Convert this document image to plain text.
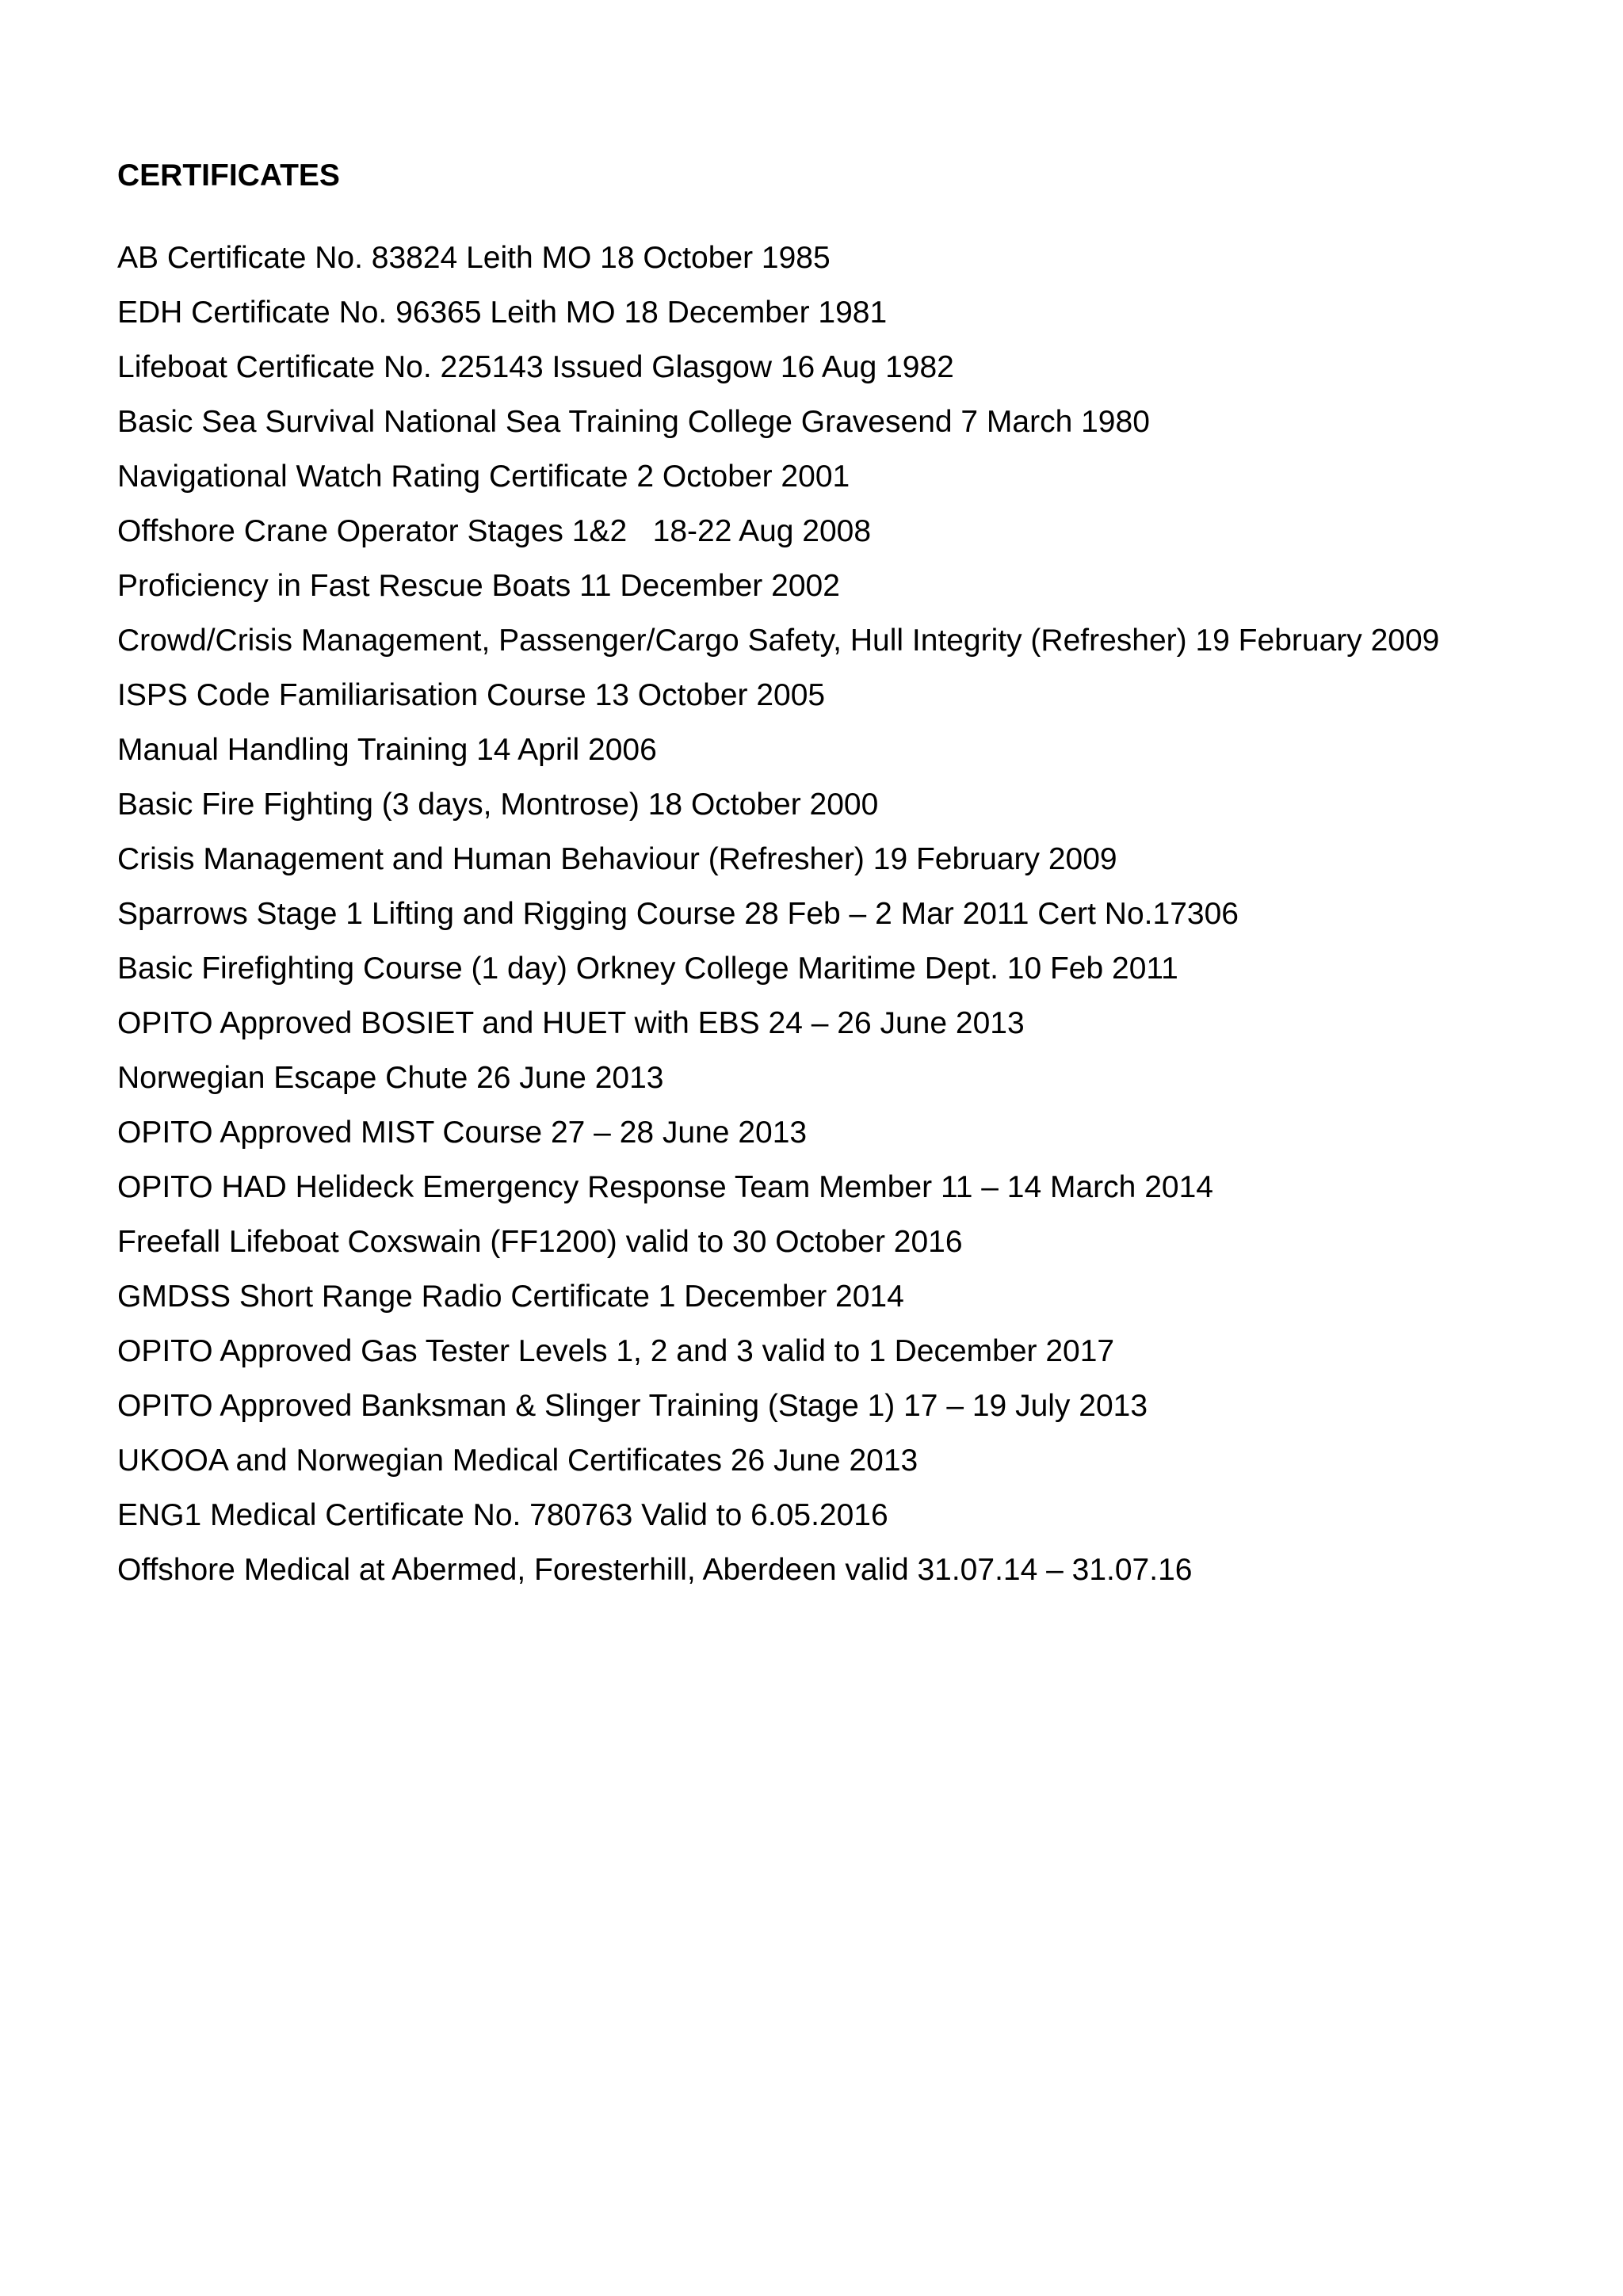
CERTIFICATES
AB Certificate No. 83824 Leith MO 18 October 1985
EDH Certificate No. 96365 Leith MO 18 December 1981
Lifeboat Certificate No. 225143 Issued Glasgow 16 Aug 1982
Basic Sea Survival National Sea Training College Gravesend 7 March 1980
Navigational Watch Rating Certificate 2 October 2001
Offshore Crane Operator Stages 1&2   18-22 Aug 2008
Proficiency in Fast Rescue Boats 11 December 2002
Crowd/Crisis Management, Passenger/Cargo Safety, Hull Integrity (Refresher) 19 February 2009
ISPS Code Familiarisation Course 13 October 2005
Manual Handling Training 14 April 2006
Basic Fire Fighting (3 days, Montrose) 18 October 2000
Crisis Management and Human Behaviour (Refresher) 19 February 2009
Sparrows Stage 1 Lifting and Rigging Course 28 Feb – 2 Mar 2011 Cert No.17306
Basic Firefighting Course (1 day) Orkney College Maritime Dept. 10 Feb 2011
OPITO Approved BOSIET and HUET with EBS 24 – 26 June 2013
Norwegian Escape Chute 26 June 2013
OPITO Approved MIST Course 27 – 28 June 2013
OPITO HAD Helideck Emergency Response Team Member 11 – 14 March 2014
Freefall Lifeboat Coxswain (FF1200) valid to 30 October 2016
GMDSS Short Range Radio Certificate 1 December 2014
OPITO Approved Gas Tester Levels 1, 2 and 3 valid to 1 December 2017
OPITO Approved Banksman & Slinger Training (Stage 1) 17 – 19 July 2013
UKOOA and Norwegian Medical Certificates 26 June 2013
ENG1 Medical Certificate No. 780763 Valid to 6.05.2016
Offshore Medical at Abermed, Foresterhill, Aberdeen valid 31.07.14 – 31.07.16
